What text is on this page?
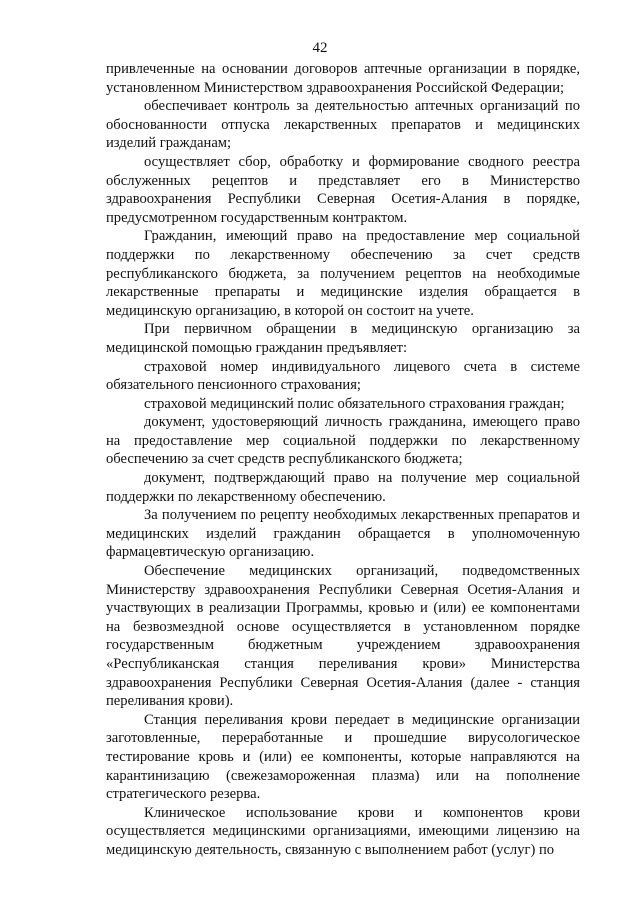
42

привлеченные на основании договоров аптечные организации в порядке, установленном Министерством здравоохранения Российской Федерации;

обеспечивает контроль за деятельностью аптечных организаций по обоснованности отпуска лекарственных препаратов и медицинских изделий гражданам;

осуществляет сбор, обработку и формирование сводного реестра обслуженных рецептов и представляет его в Министерство здравоохранения Республики Северная Осетия-Алания в порядке, предусмотренном государственным контрактом.

Гражданин, имеющий право на предоставление мер социальной поддержки по лекарственному обеспечению за счет средств республиканского бюджета, за получением рецептов на необходимые лекарственные препараты и медицинские изделия обращается в медицинскую организацию, в которой он состоит на учете.

При первичном обращении в медицинскую организацию за медицинской помощью гражданин предъявляет:

страховой номер индивидуального лицевого счета в системе обязательного пенсионного страхования;

страховой медицинский полис обязательного страхования граждан;

документ, удостоверяющий личность гражданина, имеющего право на предоставление мер социальной поддержки по лекарственному обеспечению за счет средств республиканского бюджета;

документ, подтверждающий право на получение мер социальной поддержки по лекарственному обеспечению.

За получением по рецепту необходимых лекарственных препаратов и медицинских изделий гражданин обращается в уполномоченную фармацевтическую организацию.

Обеспечение медицинских организаций, подведомственных Министерству здравоохранения Республики Северная Осетия-Алания и участвующих в реализации Программы, кровью и (или) ее компонентами на безвозмездной основе осуществляется в установленном порядке государственным бюджетным учреждением здравоохранения «Республиканская станция переливания крови» Министерства здравоохранения Республики Северная Осетия-Алания (далее - станция переливания крови).

Станция переливания крови передает в медицинские организации заготовленные, переработанные и прошедшие вирусологическое тестирование кровь и (или) ее компоненты, которые направляются на карантинизацию (свежезамороженная плазма) или на пополнение стратегического резерва.

Клиническое использование крови и компонентов крови осуществляется медицинскими организациями, имеющими лицензию на медицинскую деятельность, связанную с выполнением работ (услуг) по
